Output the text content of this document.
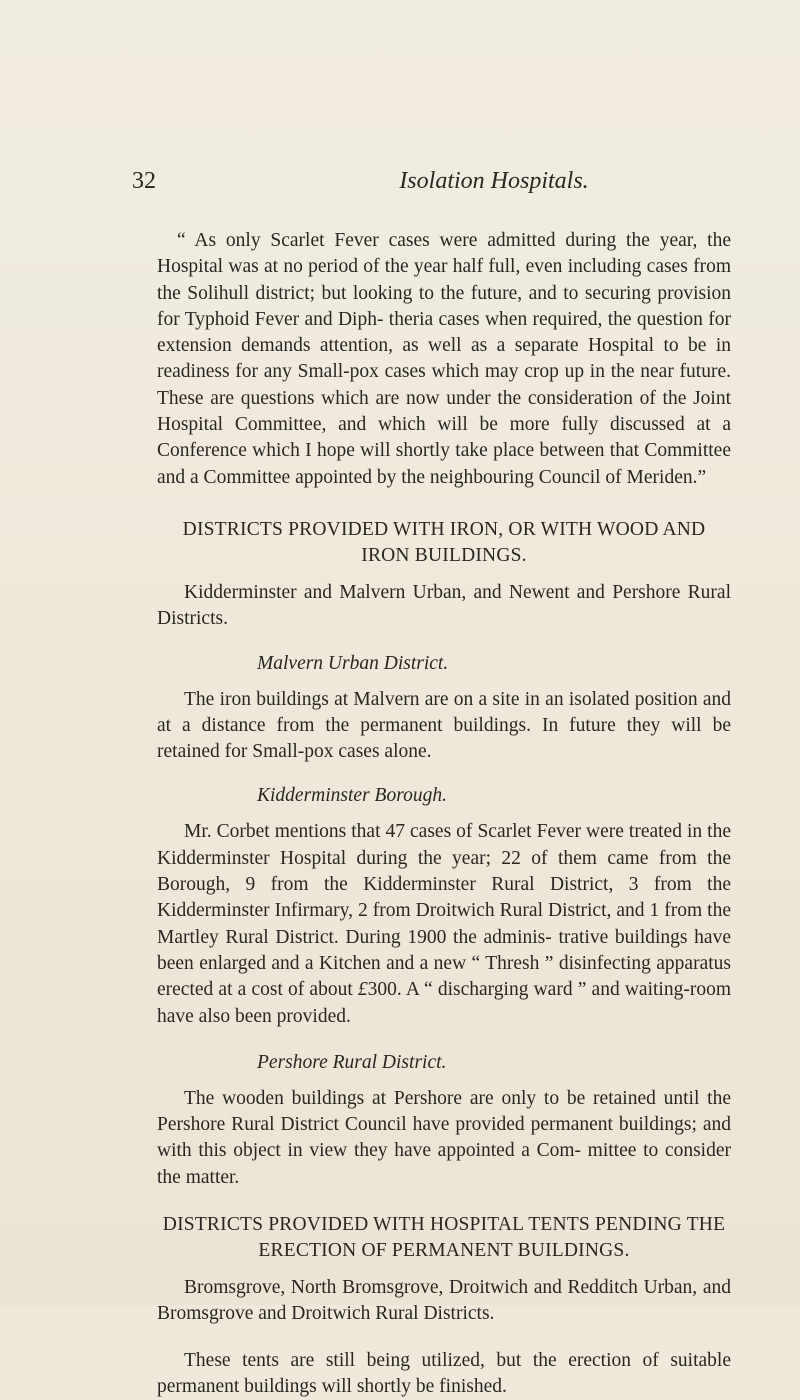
32	Isolation Hospitals.

“ As only Scarlet Fever cases were admitted during the year, the Hospital was at no period of the year half full, even including cases from the Solihull district; but looking to the future, and to securing provision for Typhoid Fever and Diph- theria cases when required, the question for extension demands attention, as well as a separate Hospital to be in readiness for any Small-pox cases which may crop up in the near future. These are questions which are now under the consideration of the Joint Hospital Committee, and which will be more fully discussed at a Conference which I hope will shortly take place between that Committee and a Committee appointed by the neighbouring Council of Meriden.”

DISTRICTS PROVIDED WITH IRON, OR WITH WOOD AND IRON BUILDINGS.

Kidderminster and Malvern Urban, and Newent and Pershore Rural Districts.

Malvern Urban District.

The iron buildings at Malvern are on a site in an isolated position and at a distance from the permanent buildings. In future they will be retained for Small-pox cases alone.

Kidderminster Borough.

Mr. Corbet mentions that 47 cases of Scarlet Fever were treated in the Kidderminster Hospital during the year; 22 of them came from the Borough, 9 from the Kidderminster Rural District, 3 from the Kidderminster Infirmary, 2 from Droitwich Rural District, and 1 from the Martley Rural District. During 1900 the adminis- trative buildings have been enlarged and a Kitchen and a new “ Thresh ” disinfecting apparatus erected at a cost of about £300. A “ discharging ward ” and waiting-room have also been provided.

Pershore Rural District.

The wooden buildings at Pershore are only to be retained until the Pershore Rural District Council have provided permanent buildings; and with this object in view they have appointed a Com- mittee to consider the matter.

DISTRICTS PROVIDED WITH HOSPITAL TENTS PENDING THE ERECTION OF PERMANENT BUILDINGS.

Bromsgrove, North Bromsgrove, Droitwich and Redditch Urban, and Bromsgrove and Droitwich Rural Districts.

These tents are still being utilized, but the erection of suitable permanent buildings will shortly be finished.
